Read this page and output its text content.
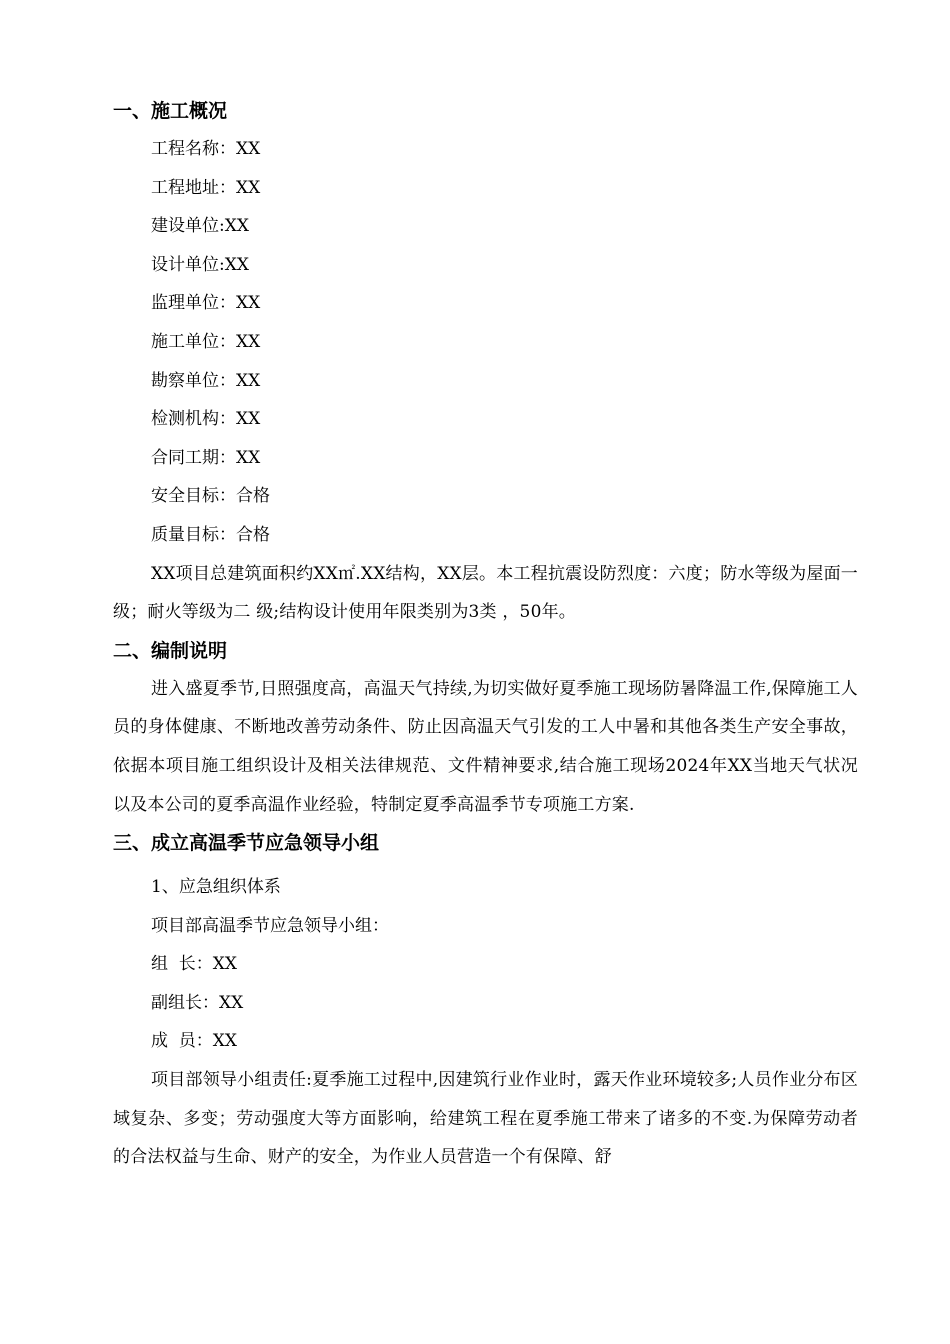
一、施工概况
工程名称：XX
工程地址：XX
建设单位:XX
设计单位:XX
监理单位：XX
施工单位：XX
勘察单位：XX
检测机构：XX
合同工期：XX
安全目标：合格
质量目标：合格

XX项目总建筑面积约XX㎡.XX结构，XX层。本工程抗震设防烈度：六度；防水等级为屋面一级；耐火等级为二 级;结构设计使用年限类别为3类 ，50年。

二、编制说明

进入盛夏季节,日照强度高，高温天气持续,为切实做好夏季施工现场防暑降温工作,保障施工人员的身体健康、不断地改善劳动条件、防止因高温天气引发的工人中暑和其他各类生产安全事故，依据本项目施工组织设计及相关法律规范、文件精神要求,结合施工现场2024年XX当地天气状况以及本公司的夏季高温作业经验，特制定夏季高温季节专项施工方案.

三、成立高温季节应急领导小组
1、应急组织体系
项目部高温季节应急领导小组：
组  长：XX
副组长：XX
成  员：XX

项目部领导小组责任:夏季施工过程中,因建筑行业作业时，露天作业环境较多;人员作业分布区域复杂、多变；劳动强度大等方面影响，给建筑工程在夏季施工带来了诸多的不变.为保障劳动者的合法权益与生命、财产的安全，为作业人员营造一个有保障、舒
